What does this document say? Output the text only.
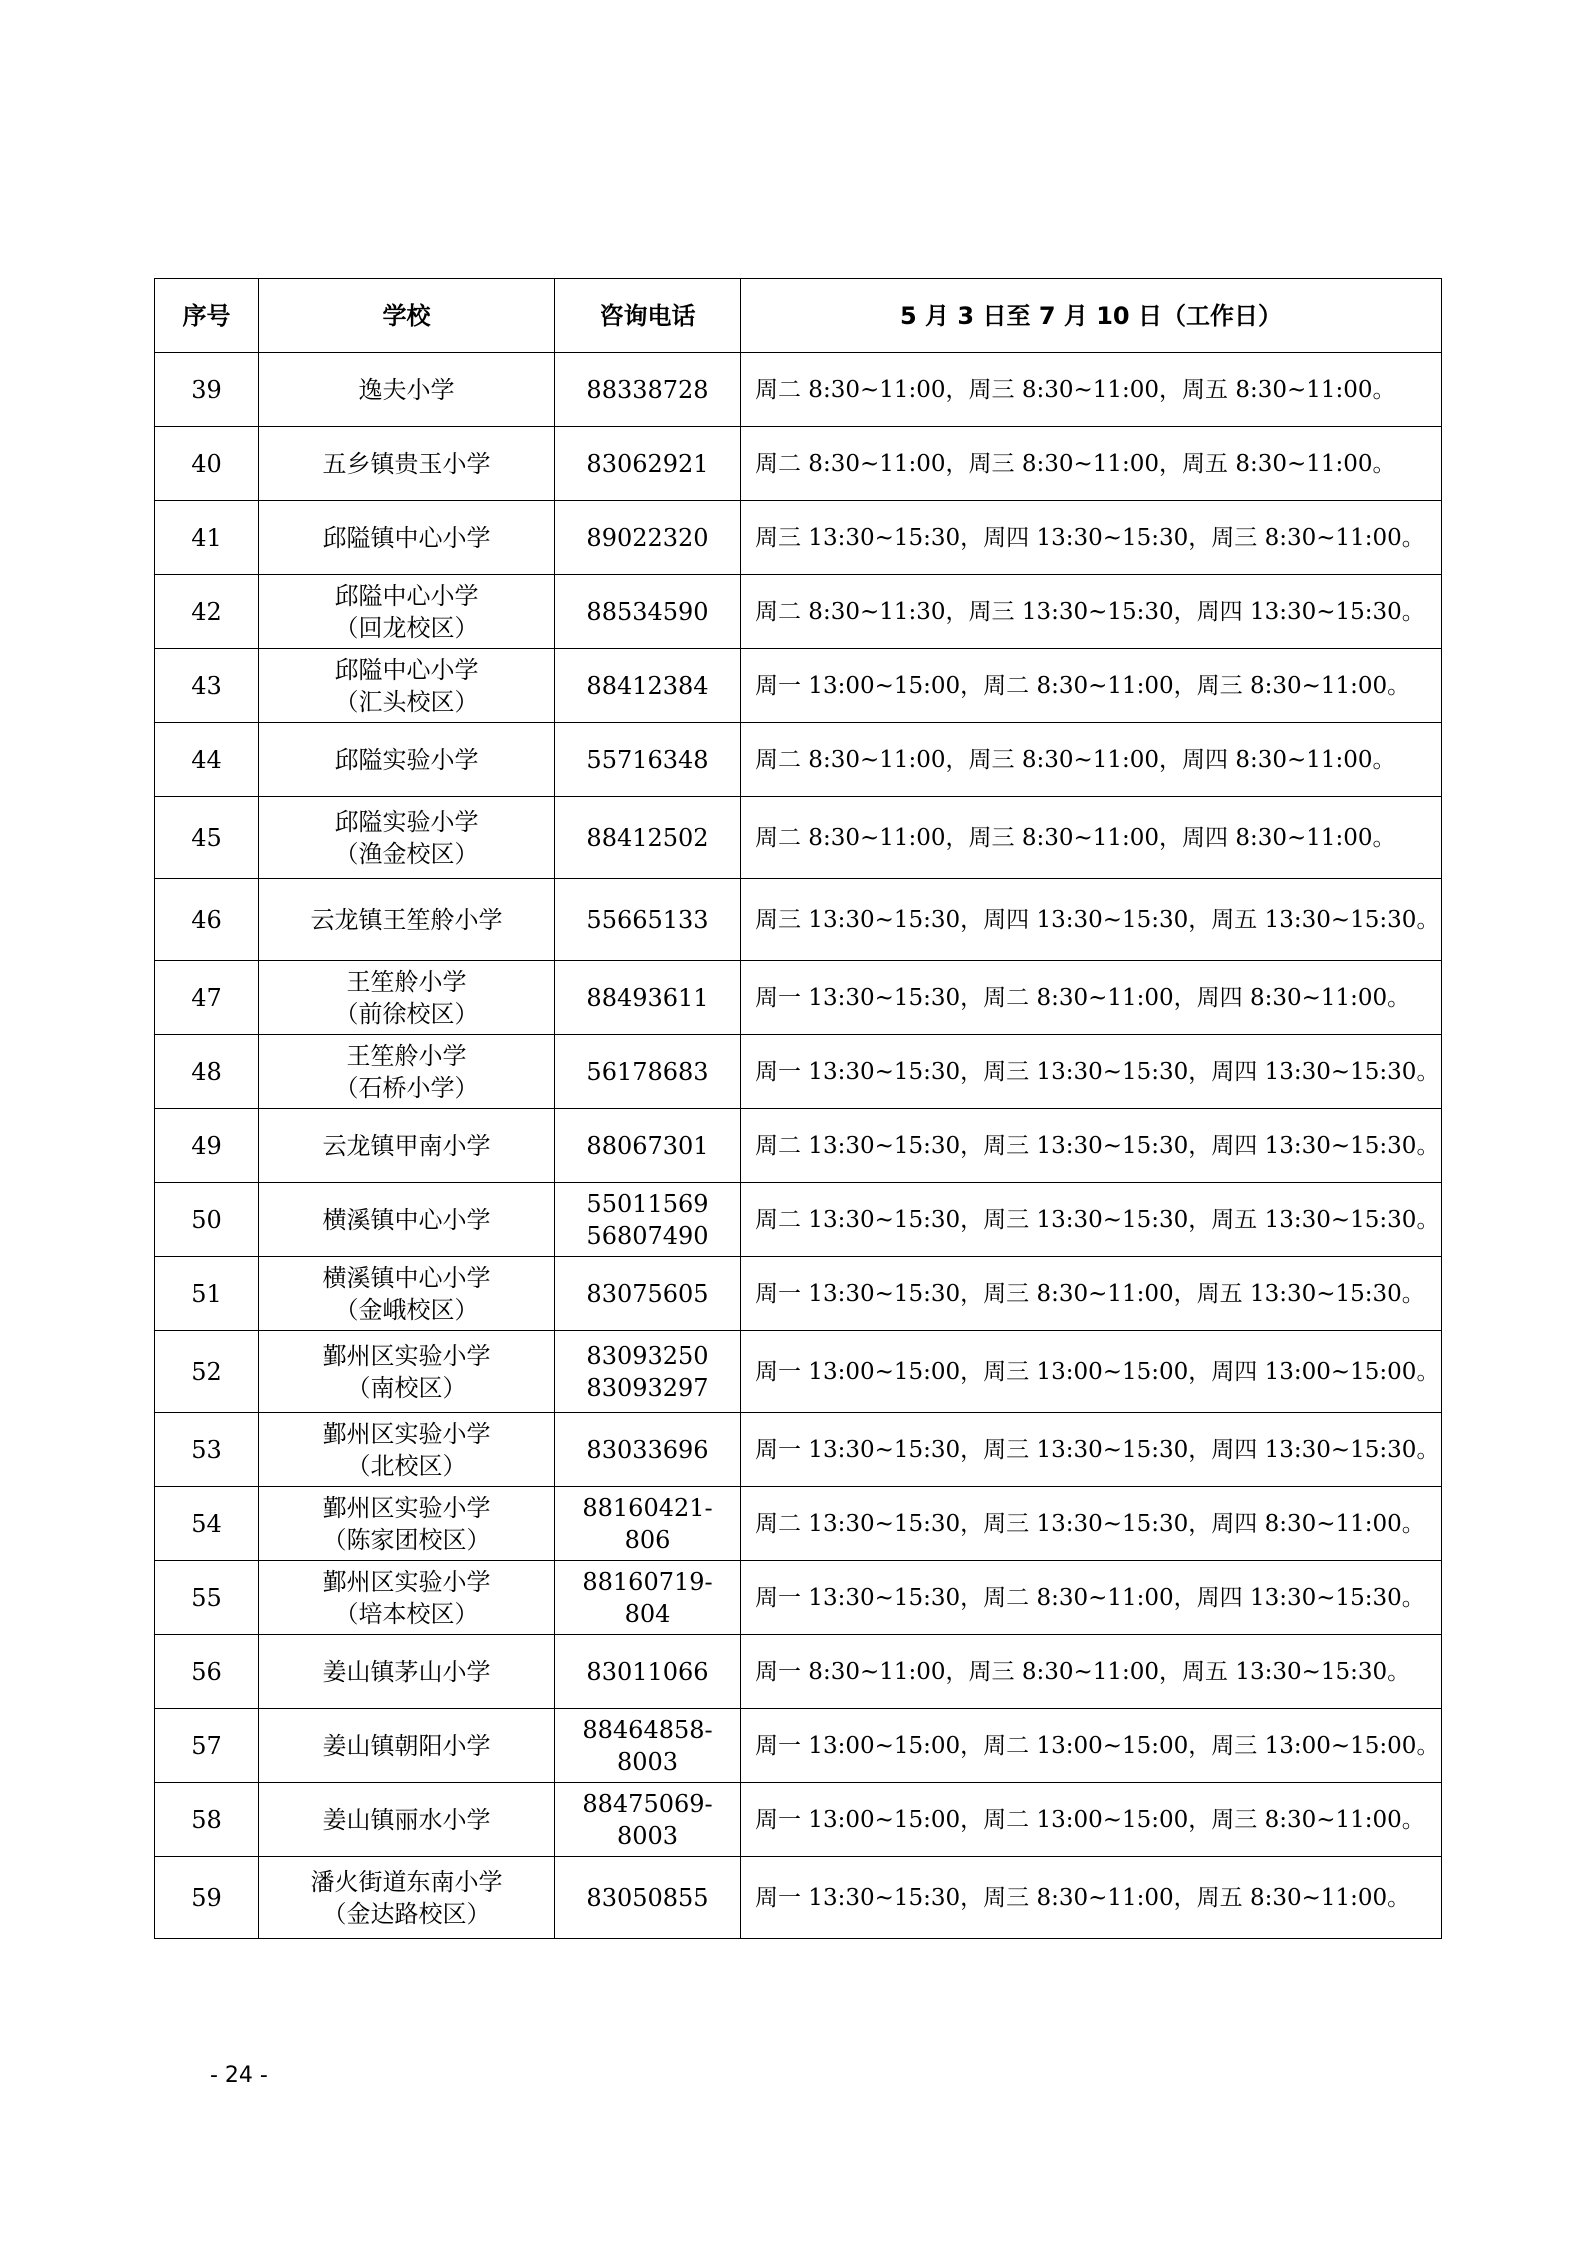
序号	学校	咨询电话	5 月 3 日至 7 月 10 日（工作日）

39	逸夫小学	88338728	周二 8:30~11:00，周三 8:30~11:00，周五 8:30~11:00。

40	五乡镇贵玉小学	83062921	周二 8:30~11:00，周三 8:30~11:00，周五 8:30~11:00。

41	邱隘镇中心小学	89022320	周三 13:30~15:30，周四 13:30~15:30，周三 8:30~11:00。

42	邱隘中心小学
（回龙校区）	88534590	周二 8:30~11:30，周三 13:30~15:30，周四 13:30~15:30。

43	邱隘中心小学
（汇头校区）	88412384	周一 13:00~15:00，周二 8:30~11:00，周三 8:30~11:00。

44	邱隘实验小学	55716348	周二 8:30~11:00，周三 8:30~11:00，周四 8:30~11:00。

45	邱隘实验小学
（渔金校区）	88412502	周二 8:30~11:00，周三 8:30~11:00，周四 8:30~11:00。

46	云龙镇王笙舲小学	55665133	周三 13:30~15:30，周四 13:30~15:30，周五 13:30~15:30。

47	王笙舲小学
（前徐校区）	88493611	周一 13:30~15:30，周二 8:30~11:00，周四 8:30~11:00。

48	王笙舲小学
（石桥小学）	56178683	周一 13:30~15:30，周三 13:30~15:30，周四 13:30~15:30。

49	云龙镇甲南小学	88067301	周二 13:30~15:30，周三 13:30~15:30，周四 13:30~15:30。

50	横溪镇中心小学	55011569
56807490	周二 13:30~15:30，周三 13:30~15:30，周五 13:30~15:30。

51	横溪镇中心小学
（金峨校区）	83075605	周一 13:30~15:30，周三 8:30~11:00，周五 13:30~15:30。

52	鄞州区实验小学
（南校区）	83093250
83093297	周一 13:00~15:00，周三 13:00~15:00，周四 13:00~15:00。

53	鄞州区实验小学
（北校区）	83033696	周一 13:30~15:30，周三 13:30~15:30，周四 13:30~15:30。

54	鄞州区实验小学
（陈家团校区）	88160421-
806	周二 13:30~15:30，周三 13:30~15:30，周四 8:30~11:00。

55	鄞州区实验小学
（培本校区）	88160719-
804	周一 13:30~15:30，周二 8:30~11:00，周四 13:30~15:30。

56	姜山镇茅山小学	83011066	周一 8:30~11:00，周三 8:30~11:00，周五 13:30~15:30。

57	姜山镇朝阳小学	88464858-
8003	周一 13:00~15:00，周二 13:00~15:00，周三 13:00~15:00。

58	姜山镇丽水小学	88475069-
8003	周一 13:00~15:00，周二 13:00~15:00，周三 8:30~11:00。

59	潘火街道东南小学
（金达路校区）	83050855	周一 13:30~15:30，周三 8:30~11:00，周五 8:30~11:00。
- 24 -
